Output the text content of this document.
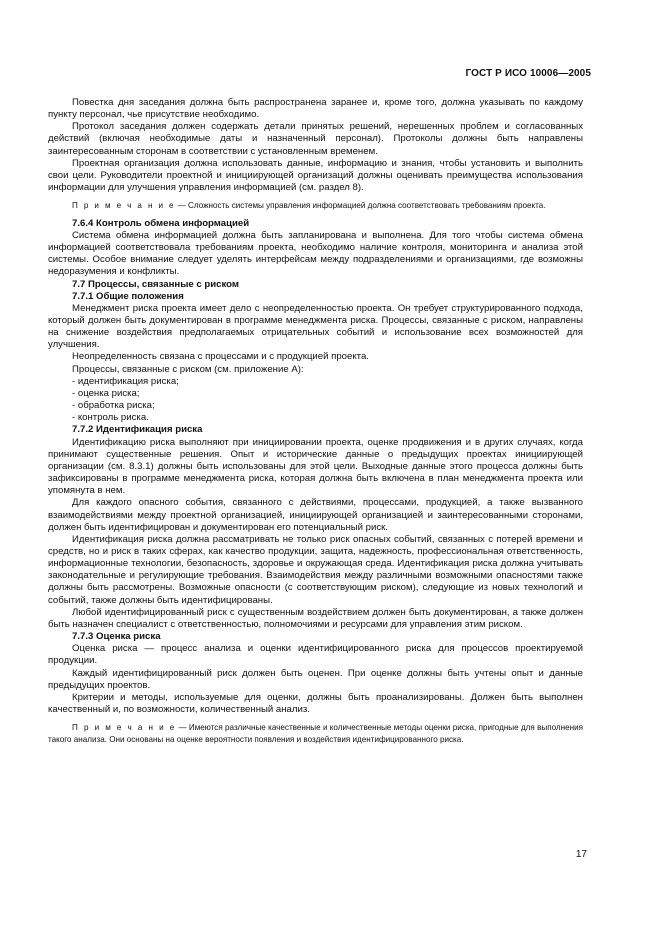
ГОСТ Р ИСО 10006—2005

Повестка дня заседания должна быть распространена заранее и, кроме того, должна указывать по каждому пункту персонал, чье присутствие необходимо.

Протокол заседания должен содержать детали принятых решений, нерешенных проблем и согласованных действий (включая необходимые даты и назначенный персонал). Протоколы должны быть направлены заинтересованным сторонам в соответствии с установленным временем.

Проектная организация должна использовать данные, информацию и знания, чтобы установить и выполнить свои цели. Руководители проектной и инициирующей организаций должны оценивать преимущества использования информации для улучшения управления информацией (см. раздел 8).

П р и м е ч а н и е — Сложность системы управления информацией должна соответствовать требованиям проекта.

7.6.4 Контроль обмена информацией

Система обмена информацией должна быть запланирована и выполнена. Для того чтобы система обмена информацией соответствовала требованиям проекта, необходимо наличие контроля, мониторинга и анализа этой системы. Особое внимание следует уделять интерфейсам между подразделениями и организациями, где возможны недоразумения и конфликты.

7.7 Процессы, связанные с риском
7.7.1 Общие положения

Менеджмент риска проекта имеет дело с неопределенностью проекта. Он требует структурированного подхода, который должен быть документирован в программе менеджмента риска. Процессы, связанные с риском, направлены на снижение воздействия предполагаемых отрицательных событий и использование всех возможностей для улучшения.

Неопределенность связана с процессами и с продукцией проекта.

Процессы, связанные с риском (см. приложение А):

- идентификация риска;
- оценка риска;
- обработка риска;
- контроль риска.
7.7.2 Идентификация риска

Идентификацию риска выполняют при инициировании проекта, оценке продвижения и в других случаях, когда принимают существенные решения. Опыт и исторические данные о предыдущих проектах инициирующей организации (см. 8.3.1) должны быть использованы для этой цели. Выходные данные этого процесса должны быть зафиксированы в программе менеджмента риска, которая должна быть включена в план менеджмента проекта или упомянута в нем.

Для каждого опасного события, связанного с действиями, процессами, продукцией, а также вызванного взаимодействиями между проектной организацией, инициирующей организацией и заинтересованными сторонами, должен быть идентифицирован и документирован его потенциальный риск.

Идентификация риска должна рассматривать не только риск опасных событий, связанных с потерей времени и средств, но и риск в таких сферах, как качество продукции, защита, надежность, профессиональная ответственность, информационные технологии, безопасность, здоровье и окружающая среда. Идентификация риска должна учитывать законодательные и регулирующие требования. Взаимодействия между различными возможными опасностями также должны быть рассмотрены. Возможные опасности (с соответствующим риском), следующие из новых технологий и событий, также должны быть идентифицированы.

Любой идентифицированный риск с существенным воздействием должен быть документирован, а также должен быть назначен специалист с ответственностью, полномочиями и ресурсами для управления этим риском.

7.7.3 Оценка риска

Оценка риска — процесс анализа и оценки идентифицированного риска для процессов проектируемой продукции.

Каждый идентифицированный риск должен быть оценен. При оценке должны быть учтены опыт и данные предыдущих проектов.

Критерии и методы, используемые для оценки, должны быть проанализированы. Должен быть выполнен качественный и, по возможности, количественный анализ.

П р и м е ч а н и е — Имеются различные качественные и количественные методы оценки риска, пригодные для выполнения такого анализа. Они основаны на оценке вероятности появления и воздействия идентифицированного риска.

17
